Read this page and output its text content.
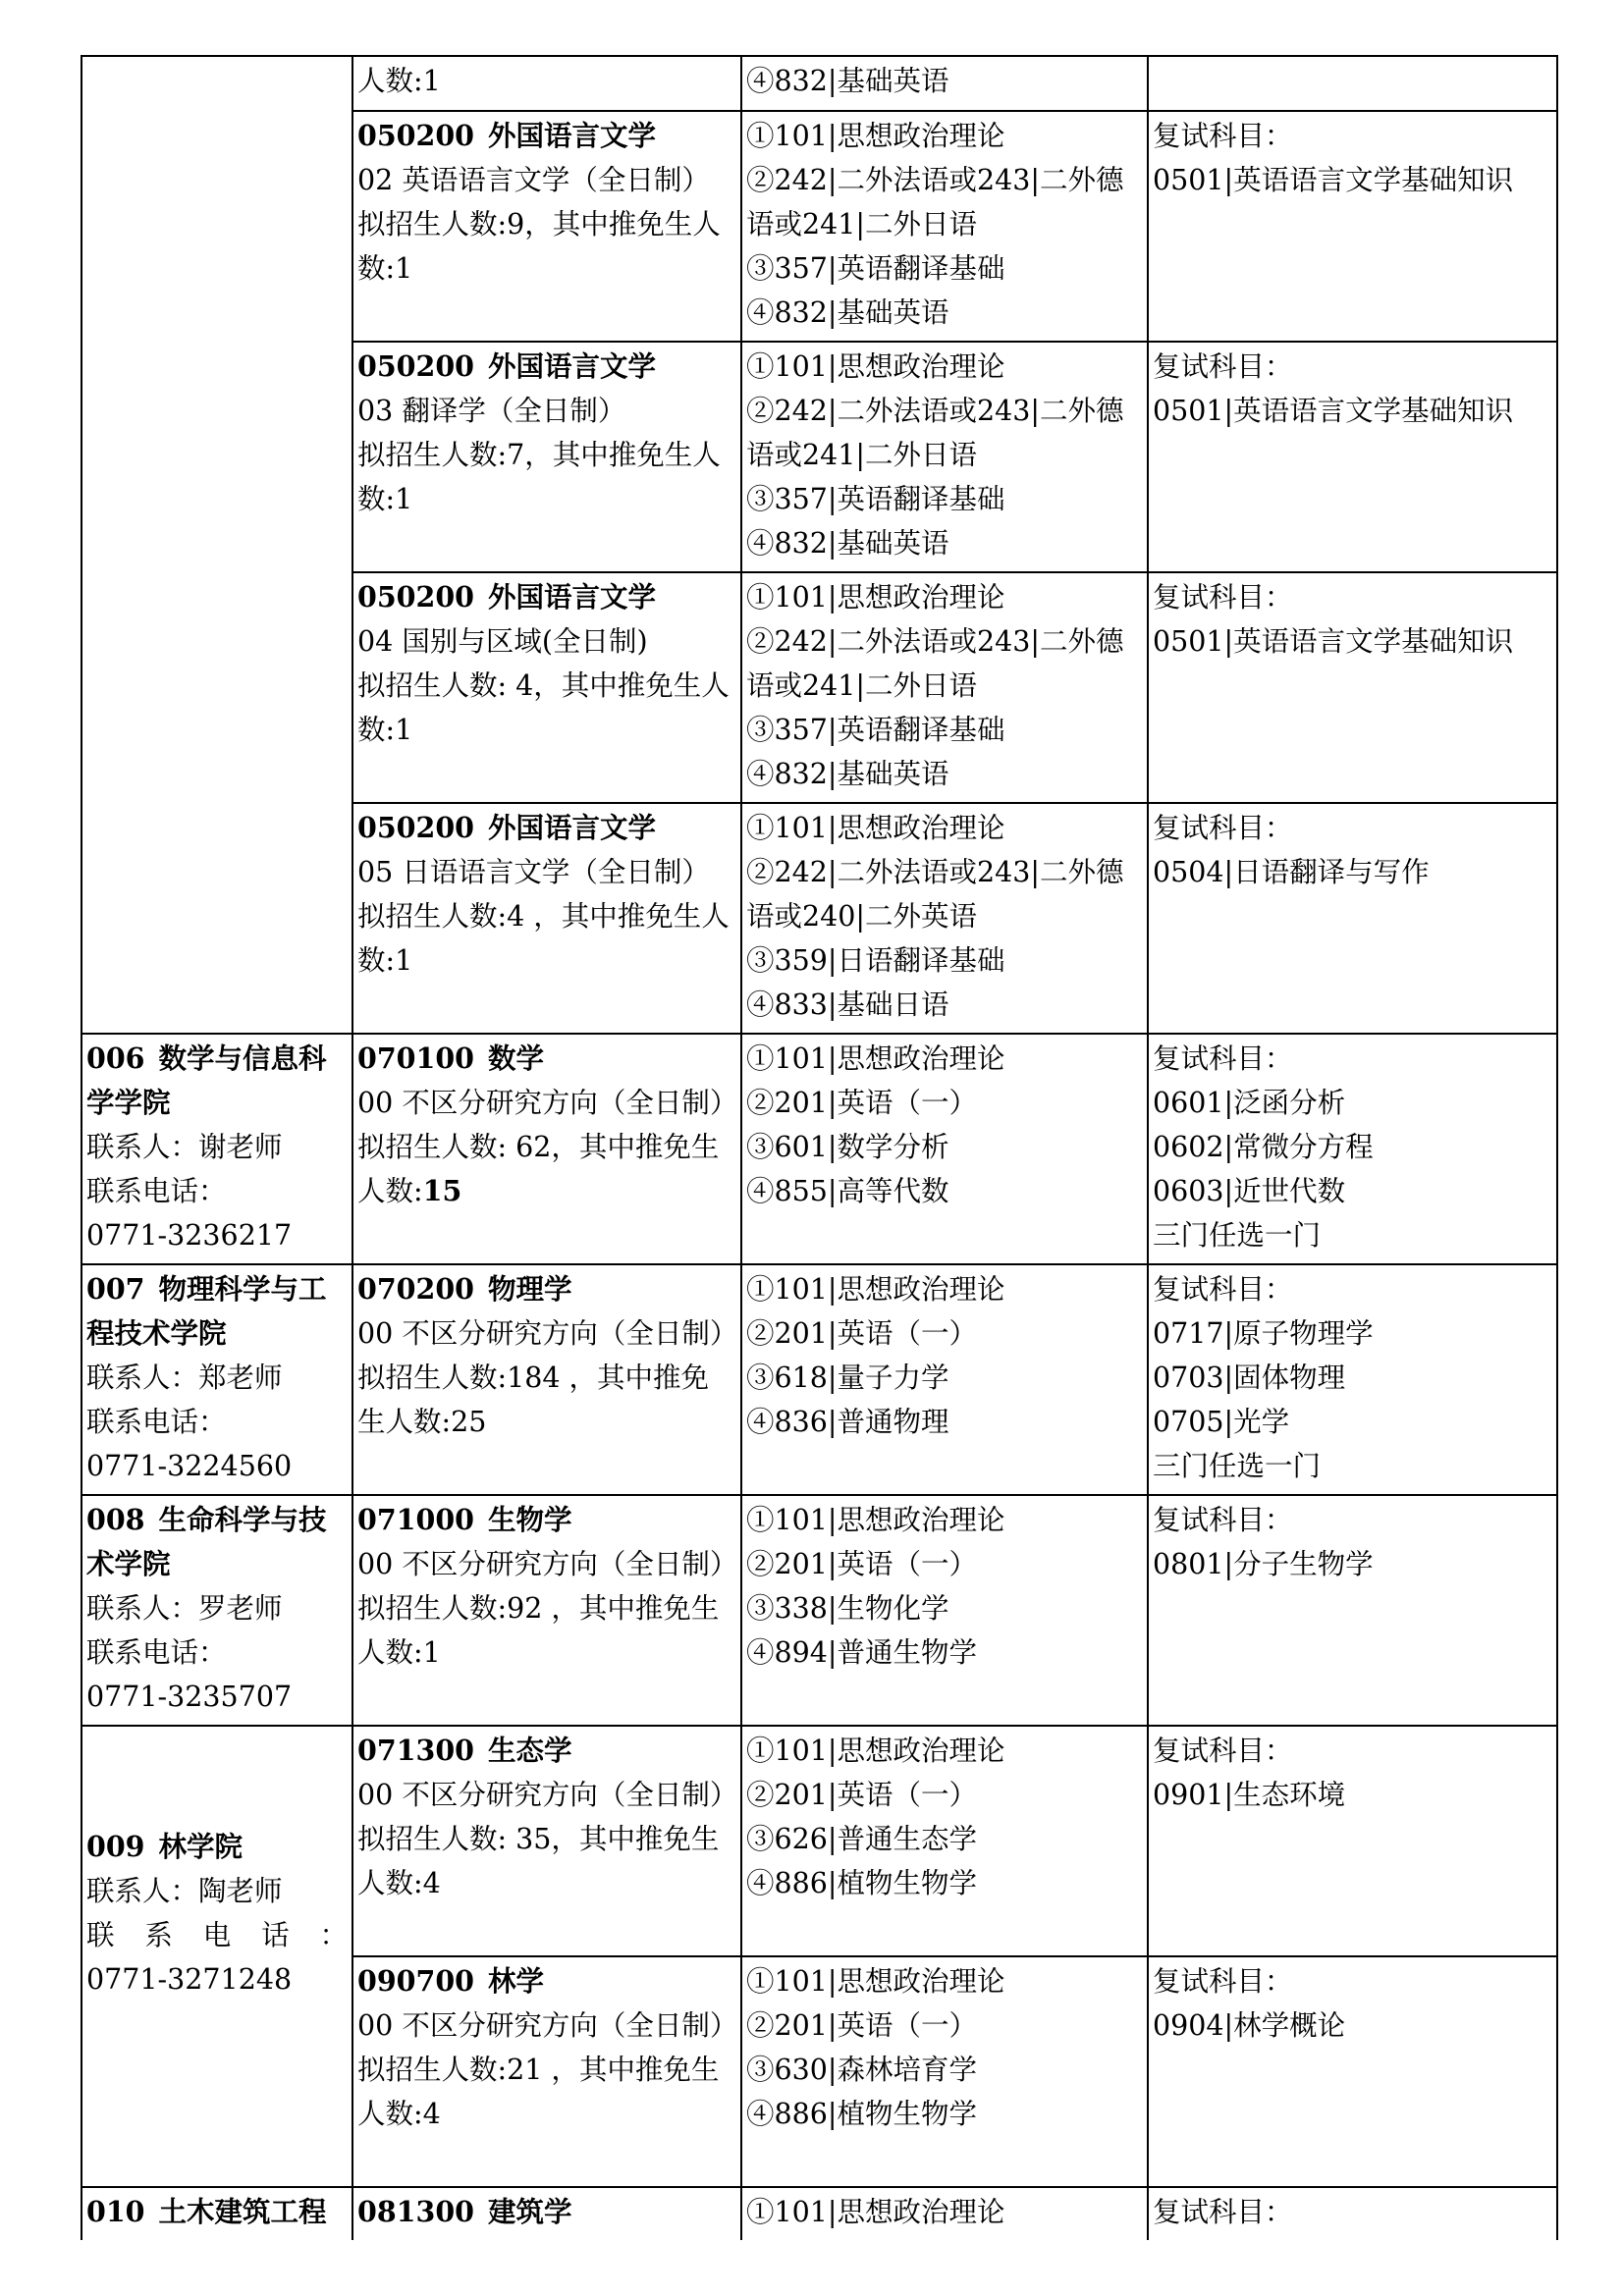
	人数:1	④832|基础英语	

	050200 外国语言文学
02 英语语言文学（全日制）
拟招生人数:9，其中推免生人数:1	①101|思想政治理论
②242|二外法语或243|二外德语或241|二外日语
③357|英语翻译基础
④832|基础英语	复试科目：
0501|英语语言文学基础知识

	050200 外国语言文学
03 翻译学（全日制）
拟招生人数:7，其中推免生人数:1	①101|思想政治理论
②242|二外法语或243|二外德语或241|二外日语
③357|英语翻译基础
④832|基础英语	复试科目：
0501|英语语言文学基础知识

	050200 外国语言文学
04 国别与区域(全日制)
拟招生人数: 4，其中推免生人数:1	①101|思想政治理论
②242|二外法语或243|二外德语或241|二外日语
③357|英语翻译基础
④832|基础英语	复试科目：
0501|英语语言文学基础知识

	050200 外国语言文学
05 日语语言文学（全日制）
拟招生人数:4 ，其中推免生人数:1	①101|思想政治理论
②242|二外法语或243|二外德语或240|二外英语
③359|日语翻译基础
④833|基础日语	复试科目：
0504|日语翻译与写作

006 数学与信息科学学院
联系人：谢老师
联系电话：
0771-3236217	070100 数学
00 不区分研究方向（全日制）
拟招生人数: 62，其中推免生人数:15	①101|思想政治理论
②201|英语（一）
③601|数学分析
④855|高等代数	复试科目：
0601|泛函分析
0602|常微分方程
0603|近世代数
三门任选一门

007 物理科学与工程技术学院
联系人：郑老师
联系电话：
0771-3224560	070200 物理学
00 不区分研究方向（全日制）
拟招生人数:184 ，其中推免生人数:25	①101|思想政治理论
②201|英语（一）
③618|量子力学
④836|普通物理	复试科目：
0717|原子物理学
0703|固体物理
0705|光学
三门任选一门

008 生命科学与技术学院
联系人：罗老师
联系电话：
0771-3235707	071000 生物学
00 不区分研究方向（全日制）
拟招生人数:92 ，其中推免生人数:1	①101|思想政治理论
②201|英语（一）
③338|生物化学
④894|普通生物学	复试科目：
0801|分子生物学

009 林学院
联系人：陶老师
联系电话：
0771-3271248	071300 生态学
00 不区分研究方向（全日制）
拟招生人数: 35，其中推免生人数:4	①101|思想政治理论
②201|英语（一）
③626|普通生态学
④886|植物生物学	复试科目：
0901|生态环境

	090700 林学
00 不区分研究方向（全日制）
拟招生人数:21 ，其中推免生人数:4	①101|思想政治理论
②201|英语（一）
③630|森林培育学
④886|植物生物学	复试科目：
0904|林学概论

010 土木建筑工程	081300 建筑学	①101|思想政治理论	复试科目：
